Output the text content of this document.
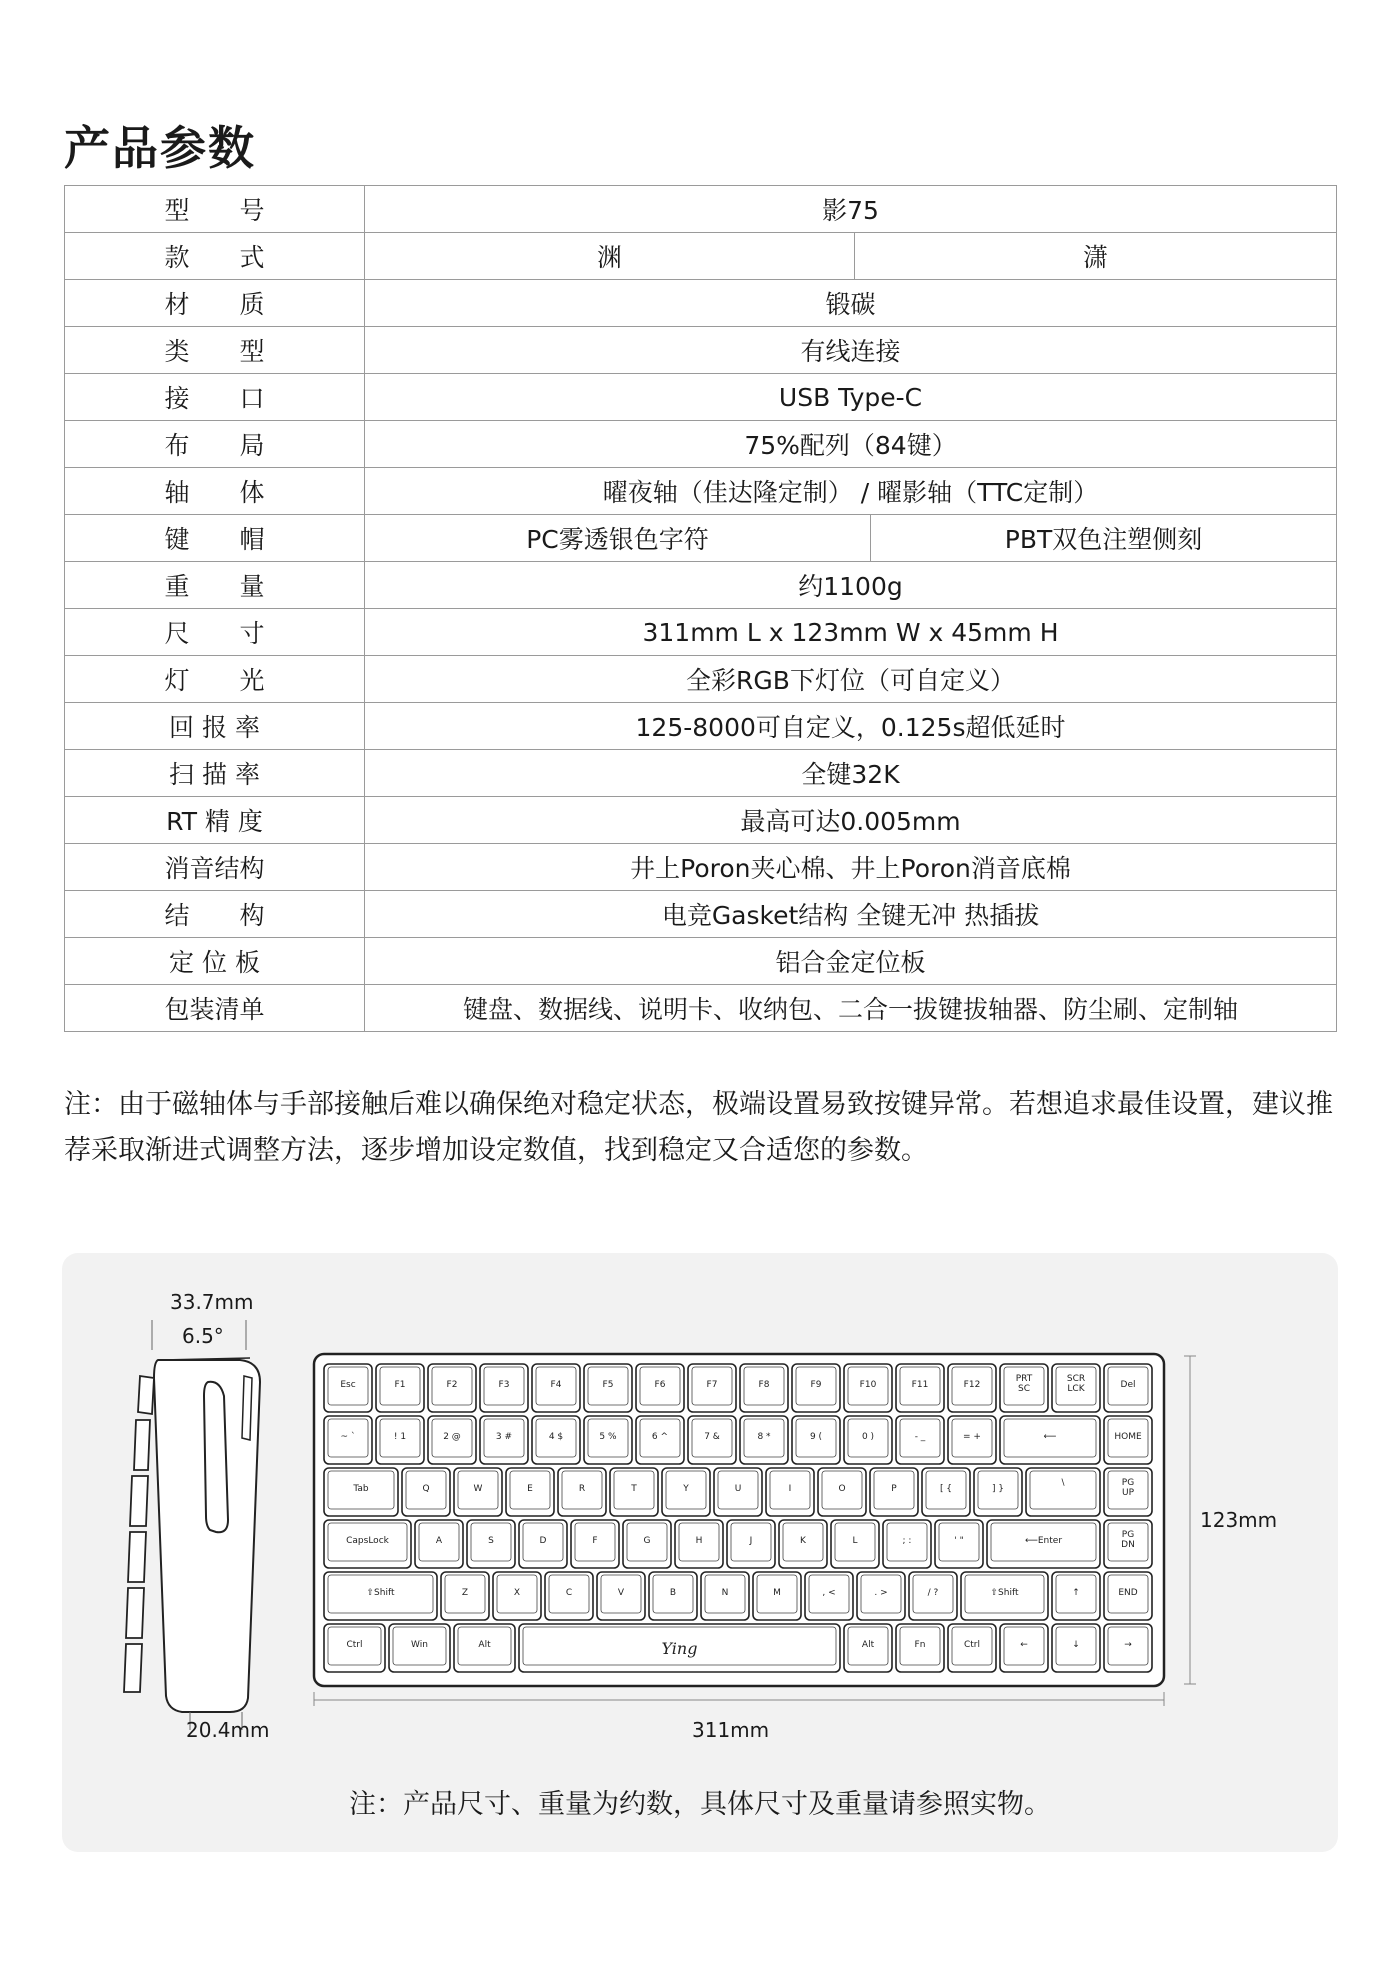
产品参数
型　　号	影75		
款　　式	渊	潇	
材　　质	锻碳		
类　　型	有线连接		
接　　口	USB Type-C		
布　　局	75%配列（84键）		
轴　　体	曜夜轴（佳达隆定制） / 曜影轴（TTC定制）		
键　　帽	PC雾透银色字符		PBT双色注塑侧刻
重　　量	约1100g		
尺　　寸	311mm L x 123mm W x 45mm H		
灯　　光	全彩RGB下灯位（可自定义）		
回 报 率	125-8000可自定义，0.125s超低延时		
扫 描 率	全键32K		
RT 精 度	最高可达0.005mm		
消音结构	井上Poron夹心棉、井上Poron消音底棉		
结　　构	电竞Gasket结构 全键无冲 热插拔		
定 位 板	铝合金定位板		
包装清单	键盘、数据线、说明卡、收纳包、二合一拔键拔轴器、防尘刷、定制轴		

注：由于磁轴体与手部接触后难以确保绝对稳定状态，极端设置易致按键异常。若想追求最佳设置，建议推荐采取渐进式调整方法，逐步增加设定数值，找到稳定又合适您的参数。

33.7mm
6.5°
20.4mm	311mm
123mm
Esc	F1	F2	F3	F4	F5	F6	F7	F8	F9	F10	F11	F12
PRT
SC
SCR
LCK	Del
~ `	! 1	2 @	3 #	4 $	5 %	6 ^	7 &	8 *	9 (	0 )	- _	= +	⟵	HOME
Tab	Q	W	E	R	T	Y	U	I	O	P	[ {	] }
\	PG
UP
CapsLock	A	S	D	F	G	H	J	K	L	; :	' "	⟵Enter
PG
DN
⇧Shift	Z	X	C	V	B	N	M	, <	. >	/ ?	⇧Shift	↑	END
Ctrl	Win	Alt	Ying	Alt	Fn	Ctrl	←	↓	→

注：产品尺寸、重量为约数，具体尺寸及重量请参照实物。
